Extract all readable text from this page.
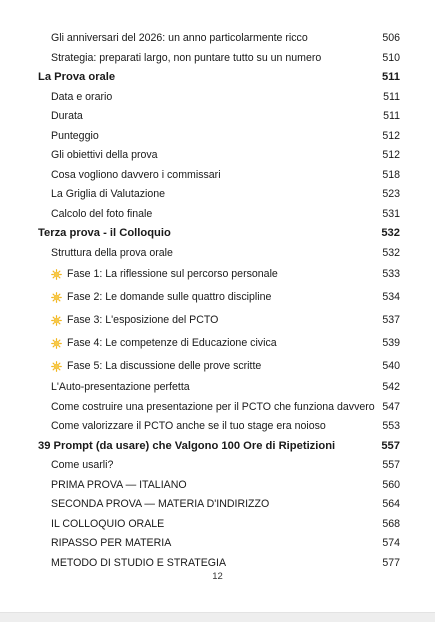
Gli anniversari del 2026: un anno particolarmente ricco	506
Strategia: preparati largo, non puntare tutto su un numero	510
La Prova orale	511
Data e orario	511
Durata	511
Punteggio	512
Gli obiettivi della prova	512
Cosa vogliono davvero i commissari	518
La Griglia di Valutazione	523
Calcolo del foto finale	531
Terza prova - il Colloquio	532
Struttura della prova orale	532
Fase 1: La riflessione sul percorso personale	533
Fase 2: Le domande sulle quattro discipline	534
Fase 3: L'esposizione del PCTO	537
Fase 4: Le competenze di Educazione civica	539
Fase 5: La discussione delle prove scritte	540
L'Auto-presentazione perfetta	542
Come costruire una presentazione per il PCTO che funziona davvero 547
Come valorizzare il PCTO anche se il tuo stage era noioso	553
39 Prompt (da usare) che Valgono 100 Ore di Ripetizioni	557
Come usarli?	557
PRIMA PROVA — ITALIANO	560
SECONDA PROVA — MATERIA D'INDIRIZZO	564
IL COLLOQUIO ORALE	568
RIPASSO PER MATERIA	574
METODO DI STUDIO E STRATEGIA	577
12
